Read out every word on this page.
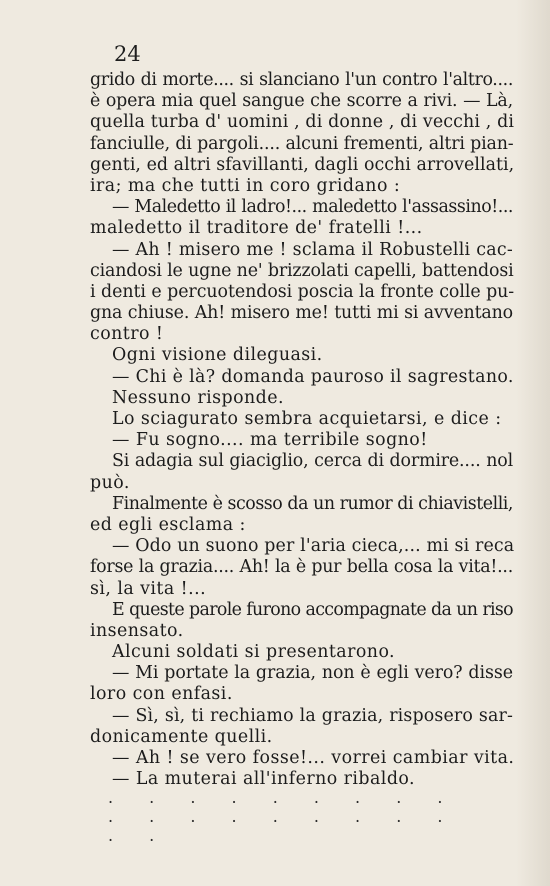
24
grido di morte.... si slanciano l'un contro l'altro....
è opera mia quel sangue che scorre a rivi. — Là,
quella turba d' uomini , di donne , di vecchi , di
fanciulle, di pargoli.... alcuni frementi, altri pian-
genti, ed altri sfavillanti, dagli occhi arrovellati,
ira; ma che tutti in coro gridano :
— Maledetto il ladro!... maledetto l'assassino!...
maledetto il traditore de' fratelli !...
— Ah ! misero me ! sclama il Robustelli cac-
ciandosi le ugne ne' brizzolati capelli, battendosi
i denti e percuotendosi poscia la fronte colle pu-
gna chiuse. Ah! misero me! tutti mi si avventano
contro !
Ogni visione dileguasi.
— Chi è là? domanda pauroso il sagrestano.
Nessuno risponde.
Lo sciagurato sembra acquietarsi, e dice :
— Fu sogno.... ma terribile sogno!
Si adagia sul giaciglio, cerca di dormire.... nol
può.
Finalmente è scosso da un rumor di chiavistelli,
ed egli esclama :
— Odo un suono per l'aria cieca,... mi si reca
forse la grazia.... Ah! la è pur bella cosa la vita!...
sì, la vita !...
E queste parole furono accompagnate da un riso
insensato.
Alcuni soldati si presentarono.
— Mi portate la grazia, non è egli vero? disse
loro con enfasi.
— Sì, sì, ti rechiamo la grazia, risposero sar-
donicamente quelli.
— Ah ! se vero fosse!... vorrei cambiar vita.
— La muterai all'inferno ribaldo.
. . . . . . . . . . . . . . . . . . . .
